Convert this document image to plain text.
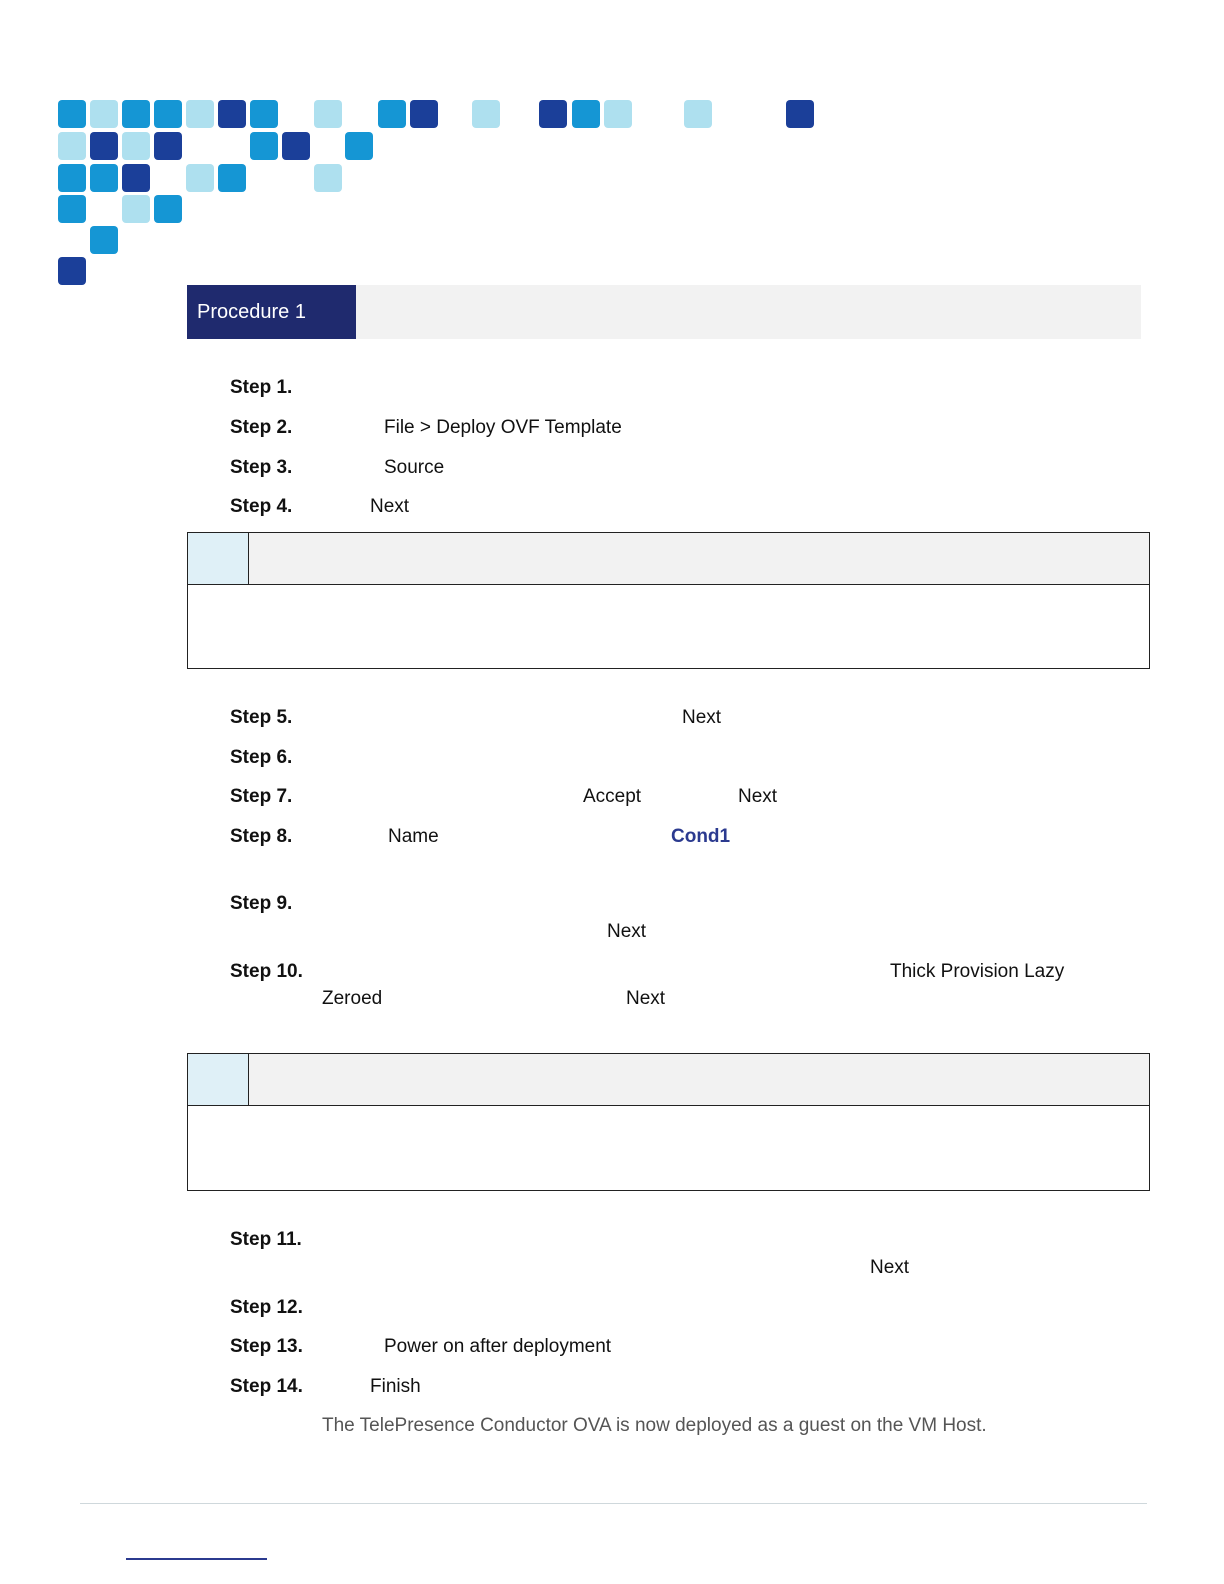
Procedure 1
Step 1.
Step 2.	File > Deploy OVF Template
Step 3.	Source
Step 4.	Next
Step 5.	Next
Step 6.
Step 7.	Accept	Next
Step 8.	Name	Cond1
Step 9.
Next
Step 10.	Thick Provision Lazy
Zeroed	Next
Step 11.
Next
Step 12.
Step 13.	Power on after deployment
Step 14.	Finish
The TelePresence Conductor OVA is now deployed as a guest on the VM Host.
